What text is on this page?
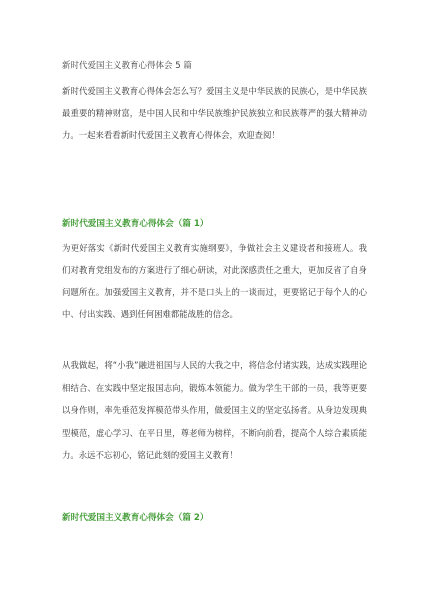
新时代爱国主义教育心得体会 5 篇

新时代爱国主义教育心得体会怎么写？爱国主义是中华民族的民族心，是中华民族最重要的精神财富，是中国人民和中华民族维护民族独立和民族尊严的强大精神动力。一起来看看新时代爱国主义教育心得体会，欢迎查阅！

新时代爱国主义教育心得体会（篇 1）

为更好落实《新时代爱国主义教育实施纲要》，争做社会主义建设者和接班人。我们对教育党组发布的方案进行了细心研读，对此深感责任之重大，更加反省了自身问题所在。加强爱国主义教育，并不是口头上的一谈而过，更要铭记于每个人的心中、付出实践、遇到任何困难都能战胜的信念。

从我做起，将“小我”融进祖国与人民的大我之中，将信念付诸实践，达成实践理论相结合、在实践中坚定报国志向，锻炼本领能力。做为学生干部的一员，我等更要以身作则，率先垂范发挥模范带头作用，做爱国主义的坚定弘扬者。从身边发现典型模范，虚心学习、在平日里，尊老师为榜样，不断向前看，提高个人综合素质能力。永远不忘初心，铭记此刻的爱国主义教育！

新时代爱国主义教育心得体会（篇 2）
